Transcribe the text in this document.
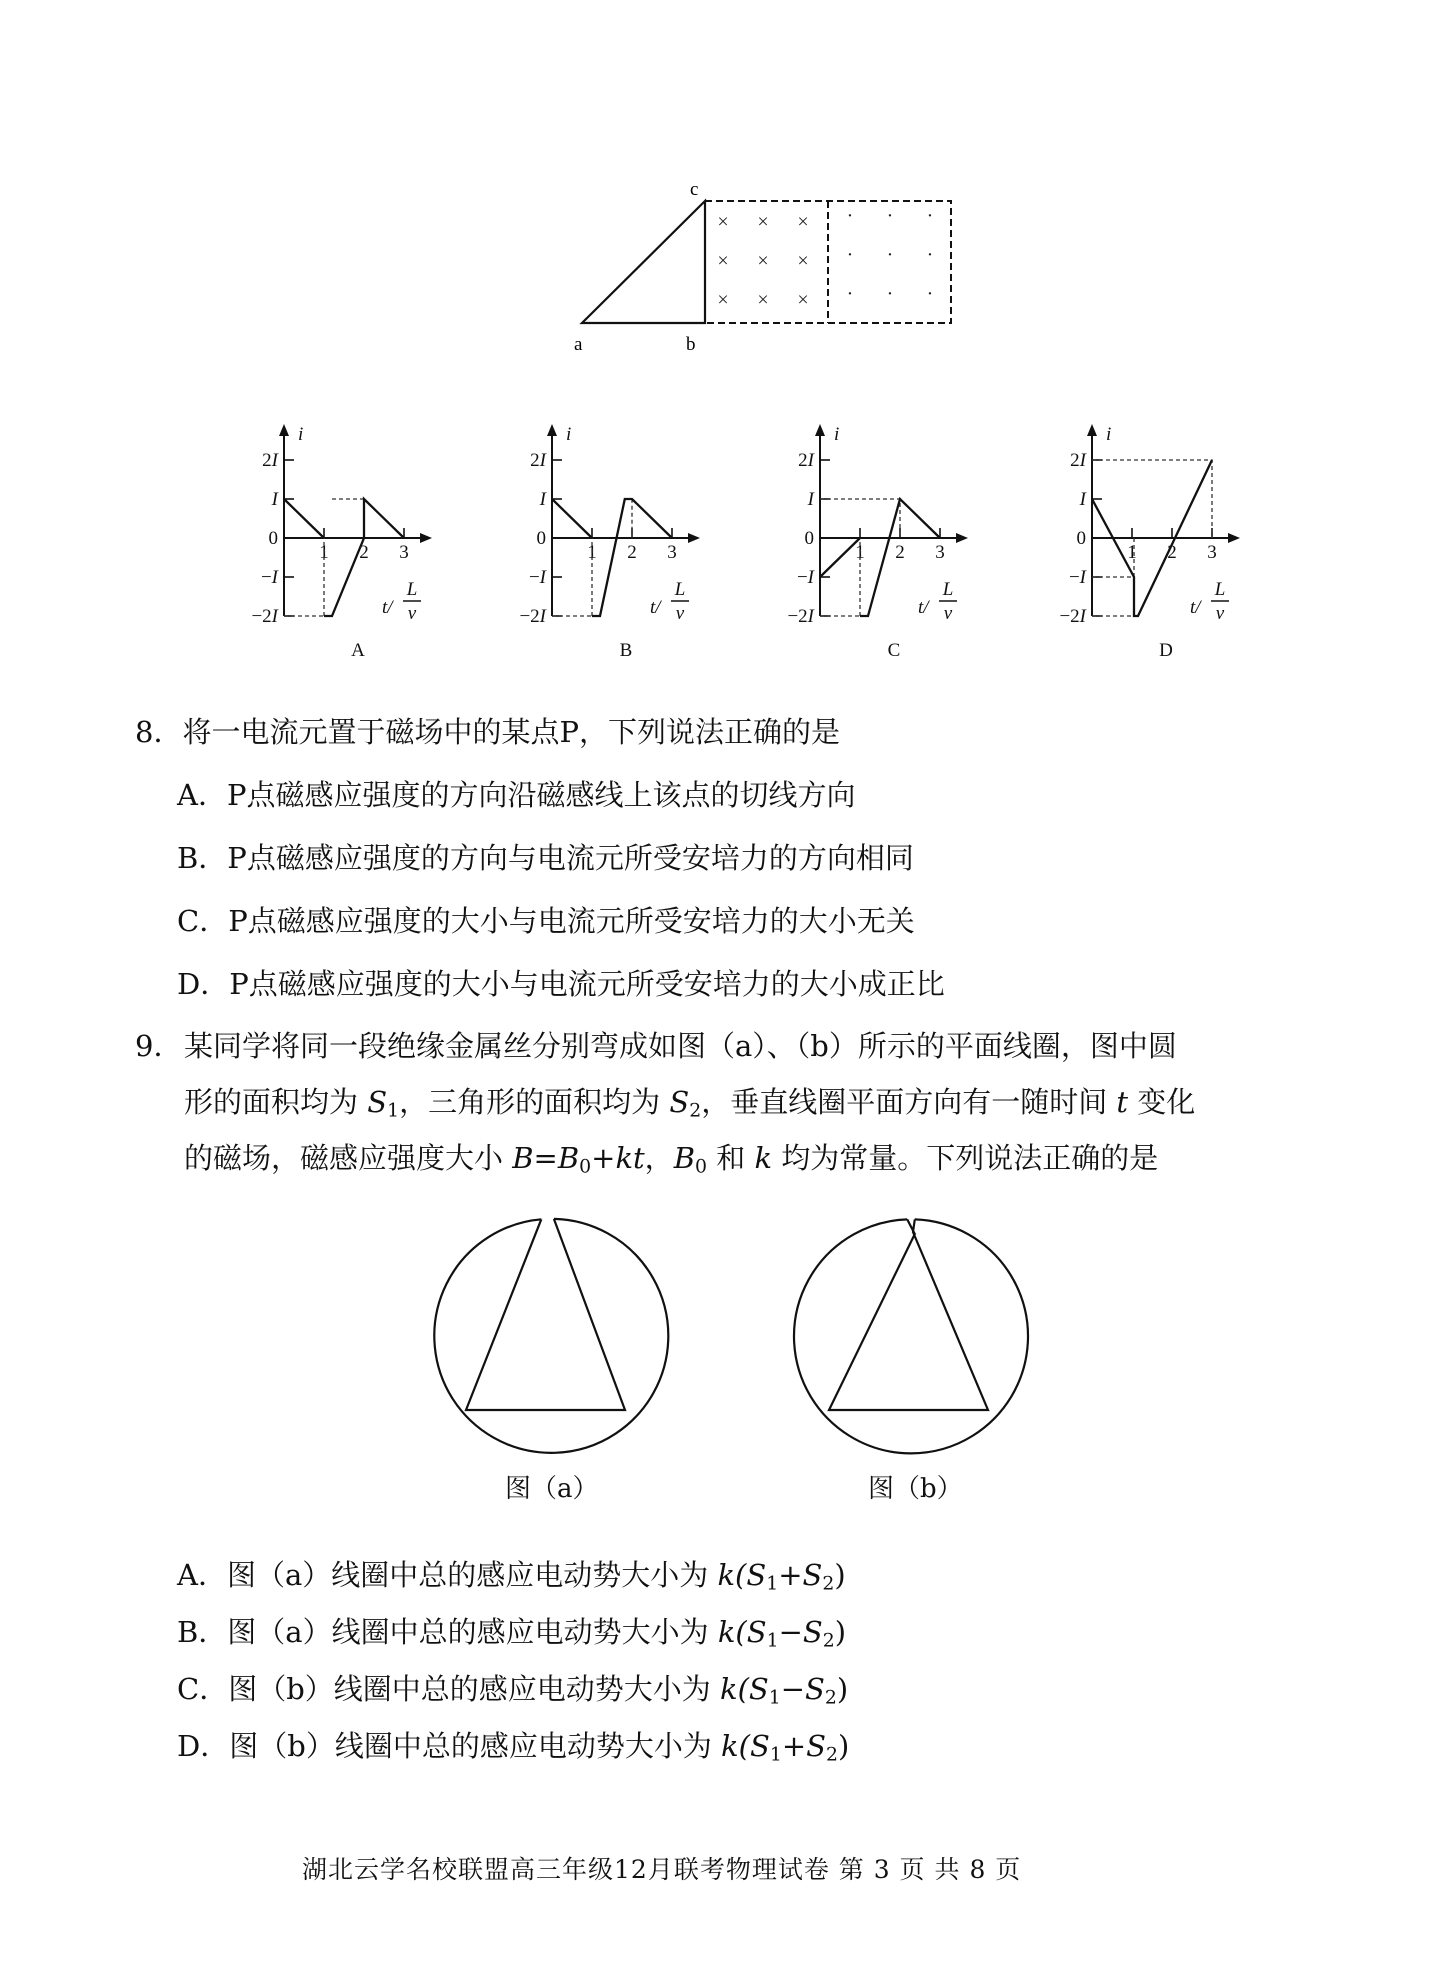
× × ×
× × ×
× × ×
· · ·
· · ·
· · ·
c
a	b
i
2I
I
0
−I
−2I
1 2 3
t/
L
v
A
i
2I
I
0
−I
−2I
1 2 3
t/
L
v
B
i
2I
I
0
−I
−2I
1 2 3
t/
L
v
C
i
2I
I
0
−I
−2I
1 2 3
t/
L
v
D
8．将一电流元置于磁场中的某点P，下列说法正确的是
A．P点磁感应强度的方向沿磁感线上该点的切线方向
B．P点磁感应强度的方向与电流元所受安培力的方向相同
C．P点磁感应强度的大小与电流元所受安培力的大小无关
D．P点磁感应强度的大小与电流元所受安培力的大小成正比
9． 某同学将同一段绝缘金属丝分别弯成如图（a）、（b）所示的平面线圈，图中圆
形的面积均为 $S_1$，三角形的面积均为 $S_2$，垂直线圈平面方向有一随时间 t 变化
的磁场，磁感应强度大小 $B=B_0+kt$，$B_0$ 和 k 均为常量。下列说法正确的是
图（a）	图（b）
A．图（a）线圈中总的感应电动势大小为 $k(S_1+S_2)$
B．图（a）线圈中总的感应电动势大小为 $k(S_1-S_2)$
C．图（b）线圈中总的感应电动势大小为 $k(S_1-S_2)$
D．图（b）线圈中总的感应电动势大小为 $k(S_1+S_2)$
湖北云学名校联盟高三年级12月联考物理试卷 第 3 页 共 8 页
